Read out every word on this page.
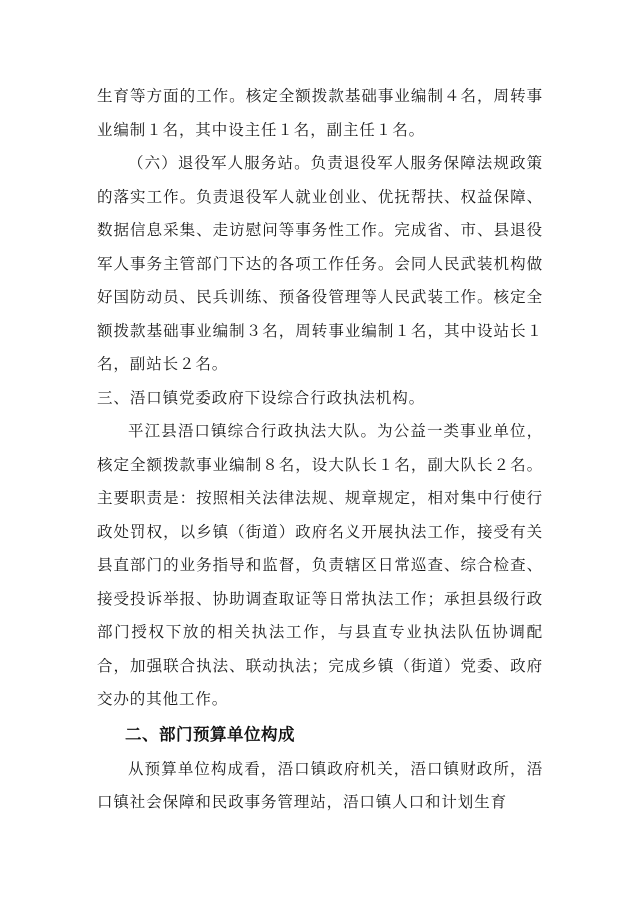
生育等方面的工作。核定全额拨款基础事业编制４名，周转事业编制１名，其中设主任１名，副主任１名。

（六）退役军人服务站。负责退役军人服务保障法规政策的落实工作。负责退役军人就业创业、优抚帮扶、权益保障、数据信息采集、走访慰问等事务性工作。完成省、市、县退役军人事务主管部门下达的各项工作任务。会同人民武装机构做好国防动员、民兵训练、预备役管理等人民武装工作。核定全额拨款基础事业编制３名，周转事业编制１名，其中设站长１名，副站长２名。

三、浯口镇党委政府下设综合行政执法机构。

平江县浯口镇综合行政执法大队。为公益一类事业单位，核定全额拨款事业编制８名，设大队长１名，副大队长２名。主要职责是：按照相关法律法规、规章规定，相对集中行使行政处罚权，以乡镇（街道）政府名义开展执法工作，接受有关县直部门的业务指导和监督，负责辖区日常巡查、综合检查、接受投诉举报、协助调查取证等日常执法工作；承担县级行政部门授权下放的相关执法工作，与县直专业执法队伍协调配合，加强联合执法、联动执法；完成乡镇（街道）党委、政府交办的其他工作。

二、部门预算单位构成

从预算单位构成看，浯口镇政府机关，浯口镇财政所，浯口镇社会保障和民政事务管理站，浯口镇人口和计划生育
